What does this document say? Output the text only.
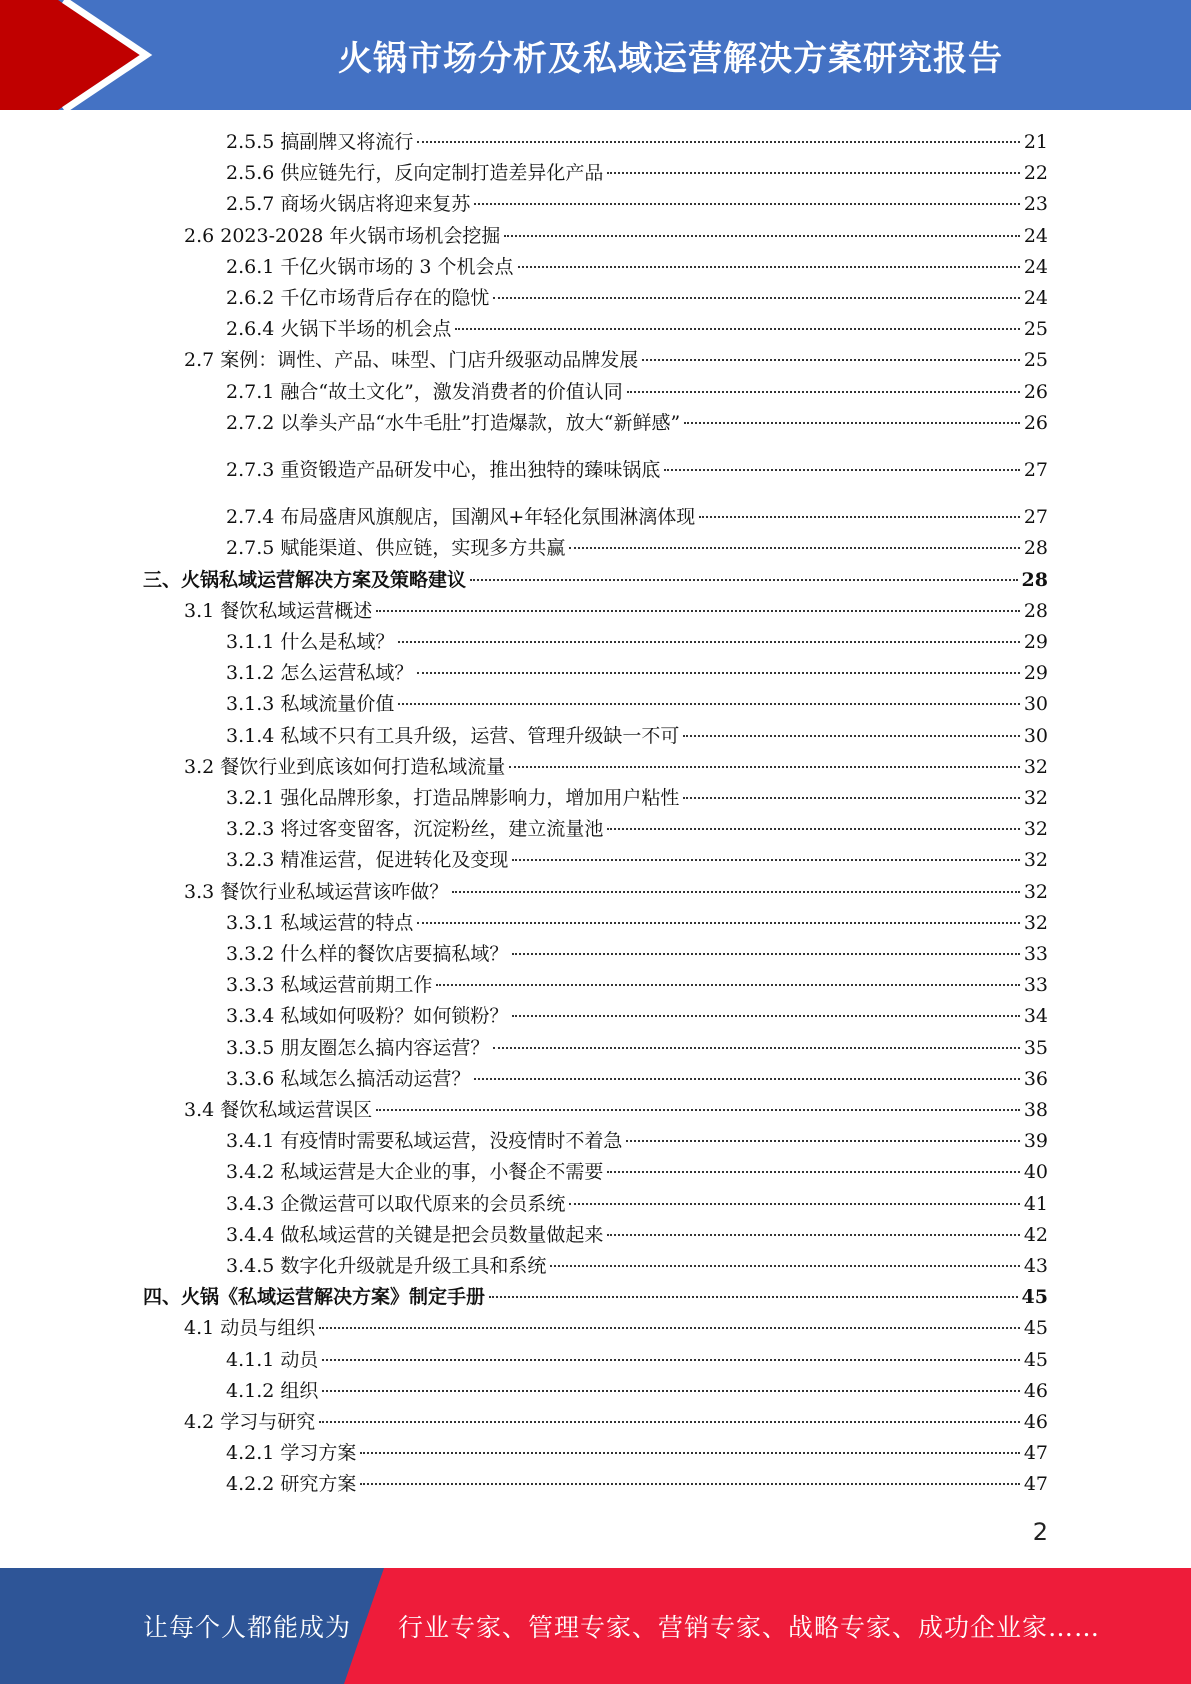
火锅市场分析及私域运营解决方案研究报告
2.5.5 搞副牌又将流行	21
2.5.6 供应链先行，反向定制打造差异化产品	22
2.5.7 商场火锅店将迎来复苏	23
2.6 2023-2028 年火锅市场机会挖掘	24
2.6.1 千亿火锅市场的 3 个机会点	24
2.6.2 千亿市场背后存在的隐忧	24
2.6.4 火锅下半场的机会点	25
2.7 案例：调性、产品、味型、门店升级驱动品牌发展	25
2.7.1 融合“故土文化”，激发消费者的价值认同	26
2.7.2 以拳头产品“水牛毛肚”打造爆款，放大“新鲜感”	26
2.7.3 重资锻造产品研发中心，推出独特的臻味锅底	27
2.7.4 布局盛唐风旗舰店，国潮风+年轻化氛围淋漓体现	27
2.7.5 赋能渠道、供应链，实现多方共赢	28
三、火锅私域运营解决方案及策略建议	28
3.1 餐饮私域运营概述	28
3.1.1 什么是私域？	29
3.1.2 怎么运营私域？	29
3.1.3 私域流量价值	30
3.1.4 私域不只有工具升级，运营、管理升级缺一不可	30
3.2 餐饮行业到底该如何打造私域流量	32
3.2.1 强化品牌形象，打造品牌影响力，增加用户粘性	32
3.2.3 将过客变留客，沉淀粉丝，建立流量池	32
3.2.3 精准运营，促进转化及变现	32
3.3 餐饮行业私域运营该咋做？	32
3.3.1 私域运营的特点	32
3.3.2 什么样的餐饮店要搞私域？	33
3.3.3 私域运营前期工作	33
3.3.4 私域如何吸粉？如何锁粉？	34
3.3.5 朋友圈怎么搞内容运营？	35
3.3.6 私域怎么搞活动运营？	36
3.4 餐饮私域运营误区	38
3.4.1 有疫情时需要私域运营，没疫情时不着急	39
3.4.2 私域运营是大企业的事，小餐企不需要	40
3.4.3 企微运营可以取代原来的会员系统	41
3.4.4 做私域运营的关键是把会员数量做起来	42
3.4.5 数字化升级就是升级工具和系统	43
四、火锅《私域运营解决方案》制定手册	45
4.1 动员与组织	45
4.1.1 动员	45
4.1.2 组织	46
4.2 学习与研究	46
4.2.1 学习方案	47
4.2.2 研究方案	47
2
让每个人都能成为 行业专家、管理专家、营销专家、战略专家、成功企业家……
